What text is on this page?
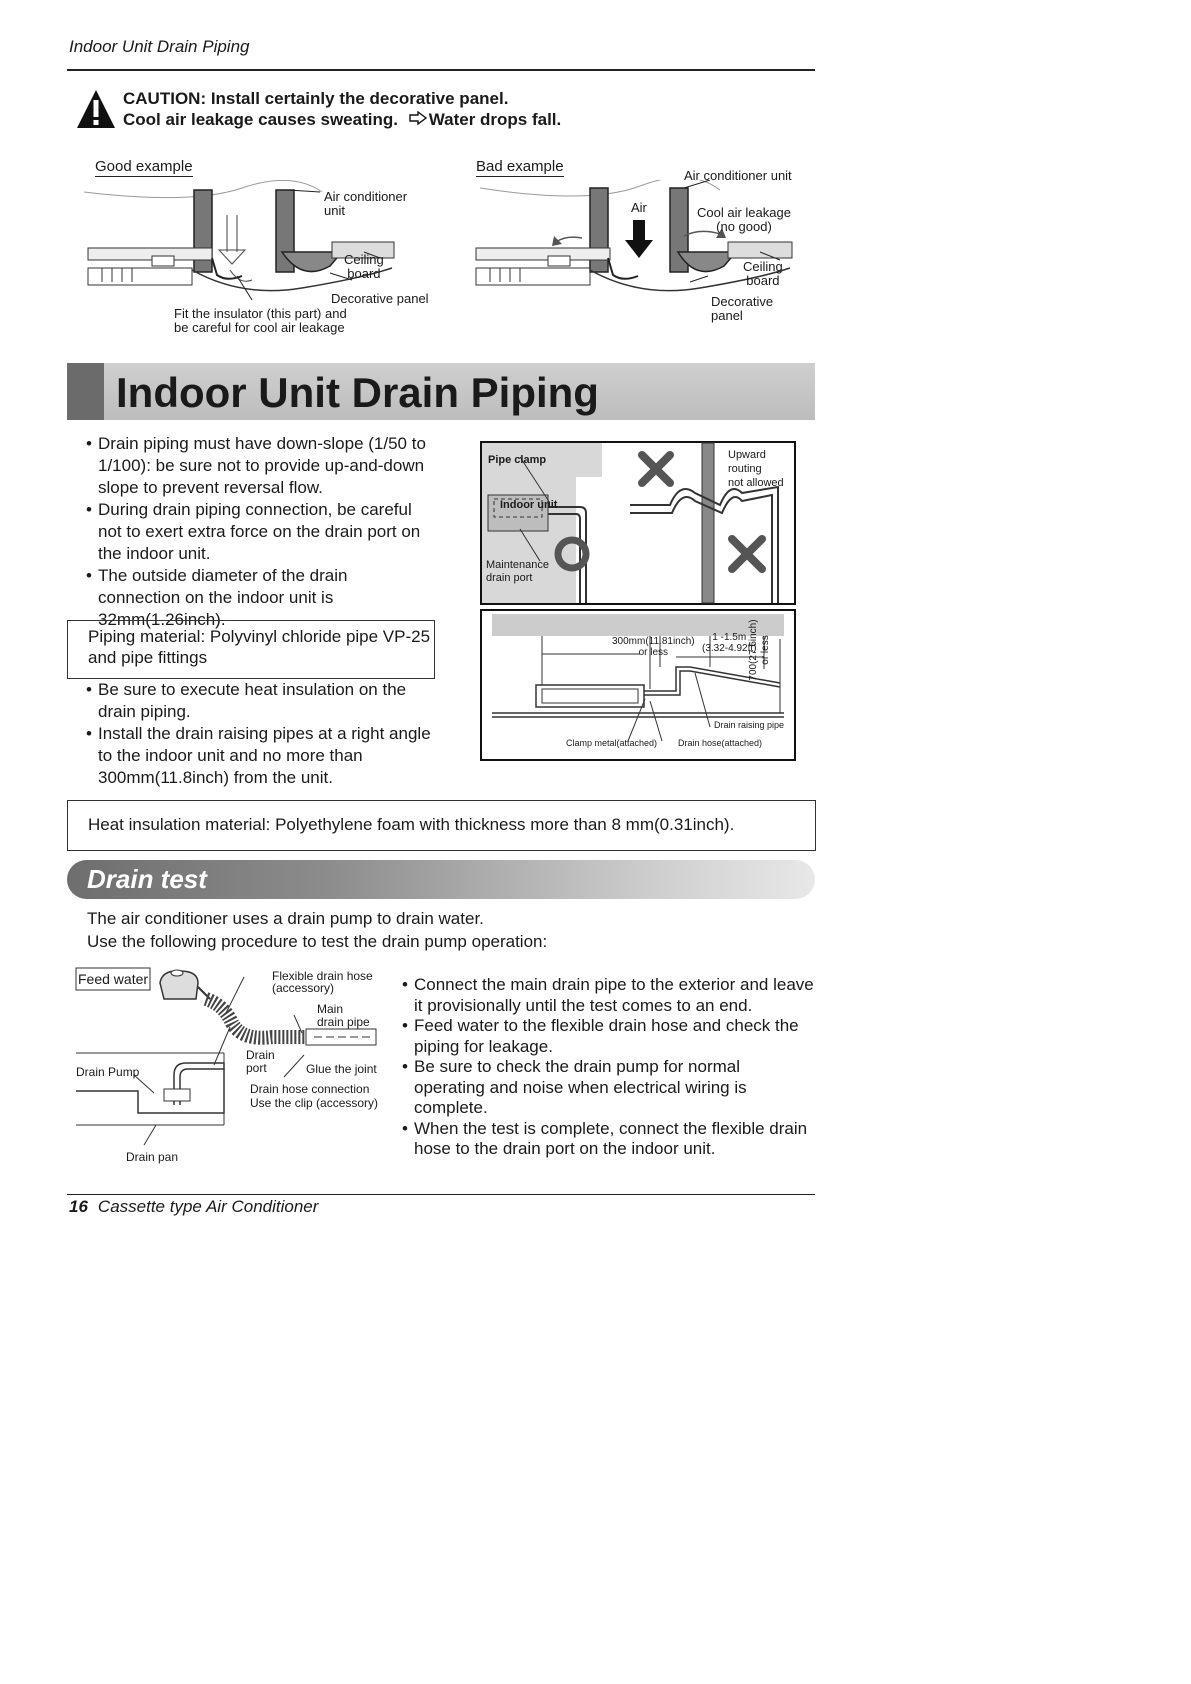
Indoor Unit Drain Piping
CAUTION: Install certainly the decorative panel.
Cool air leakage causes sweating. Water drops fall.
Good example
Air conditioner
unit
Ceiling
board
Decorative panel
Fit the insulator (this part) and
be careful for cool air leakage
Bad example
Air conditioner unit
Air	Cool air leakage
(no good)
Ceiling
board
Decorative
panel
Indoor Unit Drain Piping
• Drain piping must have down-slope (1/50 to 1/100): be sure not to provide up-and-down slope to prevent reversal flow.
• During drain piping connection, be careful not to exert extra force on the drain port on the indoor unit.
• The outside diameter of the drain connection on the indoor unit is 32mm(1.26inch).
Piping material: Polyvinyl chloride pipe VP-25 and pipe fittings
• Be sure to execute heat insulation on the drain piping.
• Install the drain raising pipes at a right angle to the indoor unit and no more than 300mm(11.8inch) from the unit.
Pipe clamp
Indoor unit
Maintenance
drain port
Upward
routing
not allowed
300mm(11.81inch)
or less
1 -1.5m
(3.32-4.92ft)
700(27.6inch) or less
Drain raising pipe
Clamp metal(attached) Drain hose(attached)
Heat insulation material: Polyethylene foam with thickness more than 8 mm(0.31inch).
Drain test
The air conditioner uses a drain pump to drain water.
Use the following procedure to test the drain pump operation:
Feed water	Flexible drain hose
(accessory)
Main
drain pipe
Drain Pump
Drain
port	Glue the joint
Drain hose connection
Use the clip (accessory)
Drain pan
• Connect the main drain pipe to the exterior and leave it provisionally until the test comes to an end.
• Feed water to the flexible drain hose and check the piping for leakage.
• Be sure to check the drain pump for normal operating and noise when electrical wiring is complete.
• When the test is complete, connect the flexible drain hose to the drain port on the indoor unit.
16 Cassette type Air Conditioner
